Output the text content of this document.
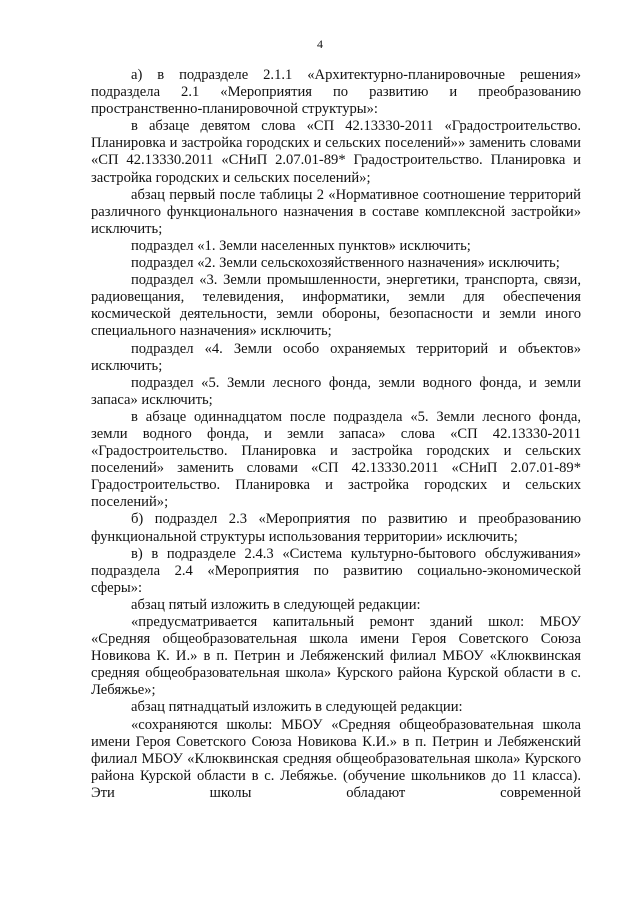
4

а) в подразделе 2.1.1 «Архитектурно-планировочные решения» подраздела 2.1 «Мероприятия по развитию и преобразованию пространственно-планировочной структуры»:

в абзаце девятом слова «СП 42.13330-2011 «Градостроительство. Планировка и застройка городских и сельских поселений»» заменить словами «СП 42.13330.2011 «СНиП 2.07.01-89* Градостроительство. Планировка и застройка городских и сельских поселений»;

абзац первый после таблицы 2 «Нормативное соотношение территорий различного функционального назначения в составе комплексной застройки» исключить;

подраздел «1. Земли населенных пунктов» исключить;

подраздел «2. Земли сельскохозяйственного назначения» исключить;

подраздел «3. Земли промышленности, энергетики, транспорта, связи, радиовещания, телевидения, информатики, земли для обеспечения космической деятельности, земли обороны, безопасности и земли иного специального назначения» исключить;

подраздел «4. Земли особо охраняемых территорий и объектов» исключить;

подраздел «5. Земли лесного фонда, земли водного фонда, и земли запаса» исключить;

в абзаце одиннадцатом после подраздела «5. Земли лесного фонда, земли водного фонда, и земли запаса» слова «СП 42.13330-2011 «Градостроительство. Планировка и застройка городских и сельских поселений» заменить словами «СП 42.13330.2011 «СНиП 2.07.01-89* Градостроительство. Планировка и застройка городских и сельских поселений»;

б) подраздел 2.3 «Мероприятия по развитию и преобразованию функциональной структуры использования территории» исключить;

в) в подразделе 2.4.3 «Система культурно-бытового обслуживания» подраздела 2.4 «Мероприятия по развитию социально-экономической сферы»:

абзац пятый изложить в следующей редакции:

«предусматривается капитальный ремонт зданий школ: МБОУ «Средняя общеобразовательная школа имени Героя Советского Союза Новикова К. И.» в п. Петрин и Лебяженский филиал МБОУ «Клюквинская средняя общеобразовательная школа» Курского района Курской области в с. Лебяжье»;

абзац пятнадцатый изложить в следующей редакции:

«сохраняются школы: МБОУ «Средняя общеобразовательная школа имени Героя Советского Союза Новикова К.И.» в п. Петрин и Лебяженский филиал МБОУ «Клюквинская средняя общеобразовательная школа» Курского района Курской области в с. Лебяжье. (обучение школьников до 11 класса). Эти школы обладают современной
